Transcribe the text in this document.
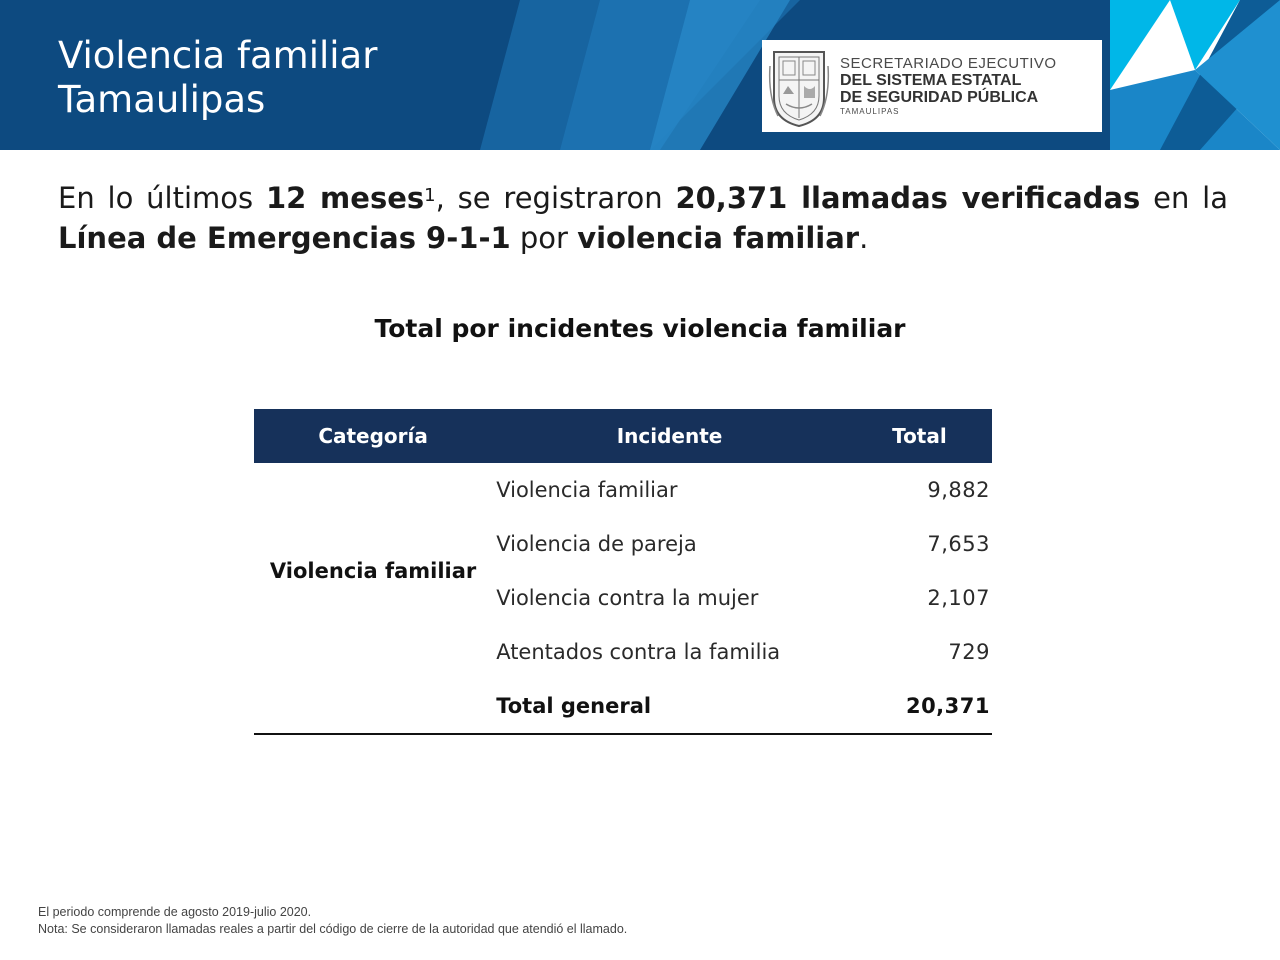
Violencia familiar
Tamaulipas
SECRETARIADO EJECUTIVO
DEL SISTEMA ESTATAL
DE SEGURIDAD PÚBLICA
TAMAULIPAS

En lo últimos 12 meses$^1$, se registraron 20,371 llamadas verificadas en la Línea de Emergencias 9-1-1 por violencia familiar.

Total por incidentes violencia familiar
Categoría	Incidente	Total
Violencia familiar	Violencia familiar	9,882
	Violencia de pareja	7,653
	Violencia contra la mujer	2,107
	Atentados contra la familia	729
	Total general	20,371
El periodo comprende de agosto 2019-julio 2020.
Nota: Se consideraron llamadas reales a partir del código de cierre de la autoridad que atendió el llamado.
